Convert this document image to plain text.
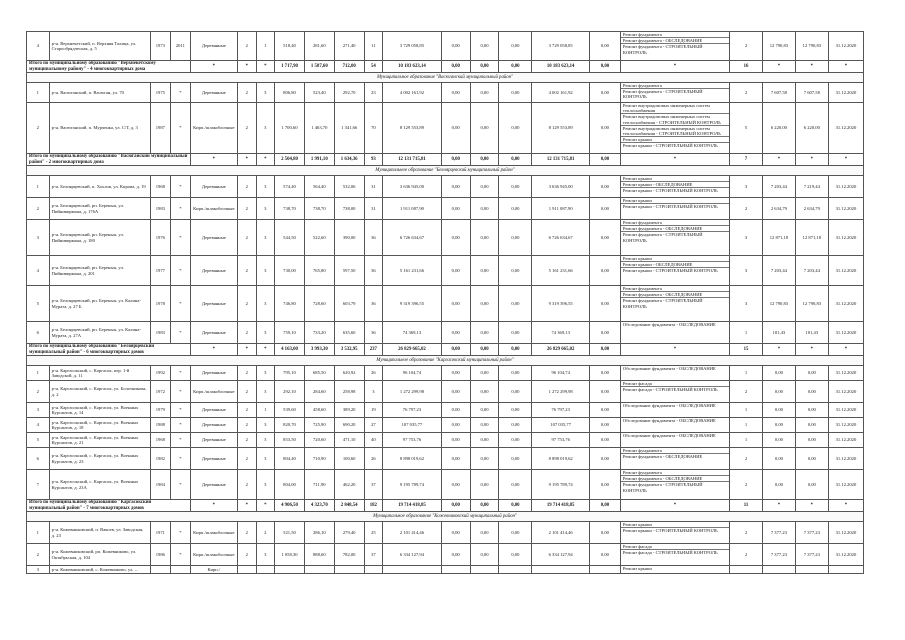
4	р-н. Верхнекетский, п. Верхняя Талица, ул. Старообрядческая, д. 5	1973	2011	Деревянные	2	1	518,40	281,60	271,40	11	3 729 058,85	0,00	0,00	0,00	3 729 058,85	0,00	Ремонт фундамента
Ремонт фундамента - ОБСЛЕДОВАНИЕ
Ремонт фундамента - СТРОИТЕЛЬНЫЙ КОНТРОЛЬ	2	12 790,83	12 790,83	31.12.2020
Итого по муниципальному образованию "Верхнекетскому муниципальному району" - 4 многоквартирных дома				*	*	*	1 717,90	1 587,60	712,00	54	10 183 623,14	0,00	0,00	0,00	10 183 623,14	0,00	*	16	*	*	*
Муниципальное образование "Васюганский муниципальный район"																					
1	р-н. Васюганский, п. Васюган, ул. 70	1975	*	Деревянные	2	3	806,80	523,40	292,70	23	4 002 161,92	0,00	0,00	0,00	4 002 161,92	0,00	Ремонт фундамента
Ремонт фундамента - СТРОИТЕЛЬНЫЙ КОНТРОЛЬ	2	7 607,58	7 607,58	31.12.2020
2	р-н. Васюганский, п. Мурченка, ул. С/Т, д. 3	1987	*	Кирп./шлакоблочные	2	3	1 700,60	1 463,70	1 341,66	70	8 129 553,89	0,00	0,00	0,00	8 129 553,89	0,00	Ремонт внутридомовых инженерных систем теплоснабжения
Ремонт внутридомовых инженерных систем теплоснабжения - СТРОИТЕЛЬНЫЙ КОНТРОЛЬ
Ремонт внутридомовых инженерных систем теплоснабжения - СТРОИТЕЛЬНЫЙ КОНТРОЛЬ
Ремонт крыши
Ремонт крыши - СТРОИТЕЛЬНЫЙ КОНТРОЛЬ	5	6 220,00	6 220,00	31.12.2020
Итого по муниципальному образованию "Васюганский муниципальный район" - 2 многоквартирных дома				*	*	*	2 504,80	1 991,10	1 634,36	93	12 131 715,81	0,00	0,00	0,00	12 131 715,81	0,00	*	7	*	*	*
Муниципальное образование "Белоярцевский муниципальный район"																					
1	р-н. Белоярцевский, п. Хохлов, ул. Кирова, д. 19	1968	*	Деревянные	2	3	574,40	564,40	532,06	31	3 636 945,00	0,00	0,00	0,00	3 636 945,00	0,00	Ремонт крыши
Ремонт крыши - ОБСЛЕДОВАНИЕ
Ремонт крыши - СТРОИТЕЛЬНЫЙ КОНТРОЛЬ	3	7 203,44	7 219,44	31.12.2020
2	р-н. Белоярцевский, рп. Береньш, ул. Пийнивирмана, д. 176А	1983	*	Кирп./шлакоблочные	2	3	738,70	738,70	738,00	31	1 911 087,90	0,00	0,00	0,00	1 911 087,90	0,00	Ремонт крыши
Ремонт крыши - СТРОИТЕЛЬНЫЙ КОНТРОЛЬ	2	2 634,79	2 634,79	31.12.2020
3	р-н. Белоярцевский, рп. Береньш, ул. Пийнивирмана, д. 180	1976	*	Деревянные	2	3	544,50	522,60	390,00	36	6 726 634,67	0,00	0,00	0,00	6 726 634,67	0,00	Ремонт фундамента
Ремонт фундамента - ОБСЛЕДОВАНИЕ
Ремонт фундамента - СТРОИТЕЛЬНЫЙ КОНТРОЛЬ	3	12 871,18	12 871,18	31.12.2020
4	р-н. Белоярцевский, рп. Береньш, ул. Пийнивирмана, д. 201	1977	*	Деревянные	2	3	730,00	765,80	597,50	36	5 161 231,66	0,00	0,00	0,00	5 161 231,66	0,00	Ремонт крыши
Ремонт крыши - ОБСЛЕДОВАНИЕ
Ремонт крыши - СТРОИТЕЛЬНЫЙ КОНТРОЛЬ	3	7 203,44	7 203,44	31.12.2020
5	р-н. Белоярцевский, рп. Береньш, ул. Калина-Мурата, д. 27 Б	1978	*	Деревянные	2	3	746,80	728,60	603,79	36	9 319 396,55	0,00	0,00	0,00	9 319 396,55	0,00	Ремонт фундамента
Ремонт фундамента - ОБСЛЕДОВАНИЕ
Ремонт фундамента - СТРОИТЕЛЬНЫЙ КОНТРОЛЬ	3	12 790,83	12 790,83	31.12.2020
6	р-н. Белоярцевский, рп. Береньш, ул. Калина-Мурата, д. 27А	1983	*	Деревянные	2	3	759,10	733,20	635,60	36	74 369,13	0,00	0,00	0,00	74 369,13	0,00	Обследование фундамента - ОБСЛЕДОВАНИЕ	1	101,43	101,43	31.12.2020
Итого по муниципальному образованию "Белоярцевский муниципальный район" - 6 многоквартирных домов				*	*	*	4 163,00	3 993,30	3 532,95	237	26 829 665,02	0,00	0,00	0,00	26 829 665,02	0,00	*	15	*	*	*
Муниципальное образование "Каргасокский муниципальный район"																					
1	р-н. Каргасокский, с. Каргасок, пер. 1-й Заводской, д. 11	1992	*	Деревянные	2	3	795,10	685,50	620,92	26	96 104,74	0,00	0,00	0,00	96 104,74	0,00	Обследование фундамента - ОБСЛЕДОВАНИЕ	1	0,00	0,00	31.12.2020
2	р-н. Каргасокский, с. Каргасок, ул. Болотникова, д. 2	1972	*	Кирп./шлакоблочные	2	3	292,10	284,60	258,98	3	1 272 299,98	0,00	0,00	0,00	1 272 299,98	0,00	Ремонт фасада
Ремонт фасада - СТРОИТЕЛЬНЫЙ КОНТРОЛЬ	2	0,00	0,00	31.12.2020
3	р-н. Каргасокский, с. Каргасок, ул. Военных Курсантов, д. 14	1979	*	Деревянные	2	1	539,60	458,60	389,20	19	76 797,23	0,00	0,00	0,00	76 797,23	0,00	Обследование фундамента - ОБСЛЕДОВАНИЕ	1	0,00	0,00	31.12.2020
4	р-н. Каргасокский, с. Каргасок, ул. Военных Курсантов, д. 18	1988	*	Деревянные	2	3	820,70	725,90	690,20	27	107 035,77	0,00	0,00	0,00	107 035,77	0,00	Обследование фундамента - ОБСЛЕДОВАНИЕ	1	0,00	0,00	31.12.2020
5	р-н. Каргасокский, с. Каргасок, ул. Военных Курсантов, д. 21	1968	*	Деревянные	2	3	853,50	720,60	471,10	40	97 753,76	0,00	0,00	0,00	97 753,76	0,00	Обследование фундамента - ОБСЛЕДОВАНИЕ	1	0,00	0,00	31.12.2020
6	р-н. Каргасокский, с. Каргасок, ул. Военных Курсантов, д. 23	1982	*	Деревянные	2	3	804,40	710,90	100,60	26	8 898 019,62	0,00	0,00	0,00	8 898 019,62	0,00	Ремонт фундамента
Ремонт фундамента - ОБСЛЕДОВАНИЕ	2	0,00	0,00	31.12.2020
7	р-н. Каргасокский, с. Каргасок, ул. Военных Курсантов, д. 23А	1984	*	Деревянные	2	3	804,00	711,90	462,20	37	9 195 789,74	0,00	0,00	0,00	9 195 789,74	0,00	Ремонт фундамента
Ремонт фундамента - ОБСЛЕДОВАНИЕ
Ремонт фундамента - СТРОИТЕЛЬНЫЙ КОНТРОЛЬ	2	0,00	0,00	31.12.2020
Итого по муниципальному образованию "Каргасокский муниципальный район" - 7 многоквартирных домов				*	*	*	4 906,50	4 323,70	2 848,54	182	19 714 418,85	0,00	0,00	0,00	19 714 418,85	0,00	*	11	*	*	*
Муниципальное образование "Кожевниковский муниципальный район"																					
1	р-н. Кожевниковский, п. Вакоев, ул. Заводская, д. 23	1971	*	Кирп./шлакоблочные	2	2	521,50	286,10	279,40	25	2 101 414,46	0,00	0,00	0,00	2 101 414,46	0,00	Ремонт крыши
Ремонт крыши - СТРОИТЕЛЬНЫЙ КОНТРОЛЬ	2	7 377,23	7 377,23	31.12.2020
2	р-н. Кожевниковский, рп. Кожевниково, ул. Октябрьская, д. 104	1986	*	Кирп./шлакоблочные	2	3	1 058,30	888,60	782,00	37	6 334 127,94	0,00	0,00	0,00	6 334 127,94	0,00	Ремонт фасада
Ремонт фасада - СТРОИТЕЛЬНЫЙ КОНТРОЛЬ	2	7 377,23	7 377,23	31.12.2020
3	р-н. Кожевниковский, с. Кожевниково, ул. ...			Кирп./													Ремонт крыши				
